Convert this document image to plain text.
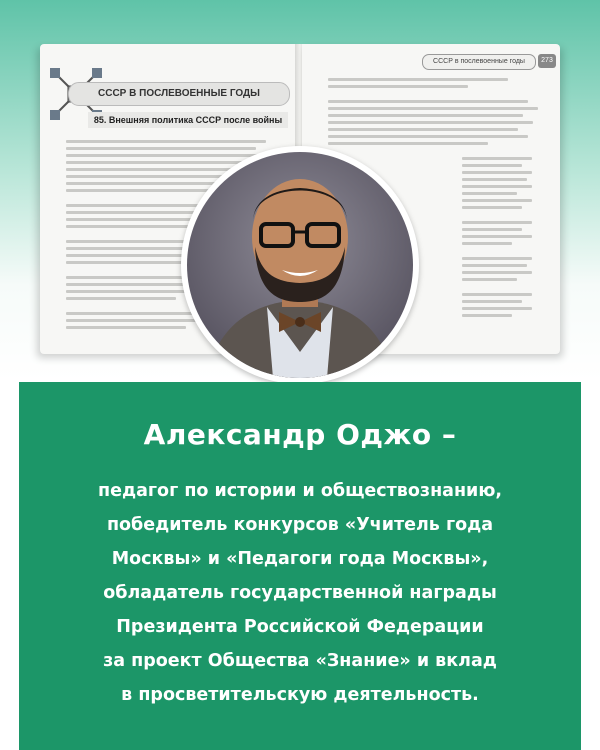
СССР В ПОСЛЕВОЕННЫЕ ГОДЫ
85. Внешняя политика СССР после войны
СССР в послевоенные годы	273
Александр Оджо –
педагог по истории и обществознанию,
победитель конкурсов «Учитель года
Москвы» и «Педагоги года Москвы»,
обладатель государственной награды
Президента Российской Федерации
за проект Общества «Знание» и вклад
в просветительскую деятельность.
